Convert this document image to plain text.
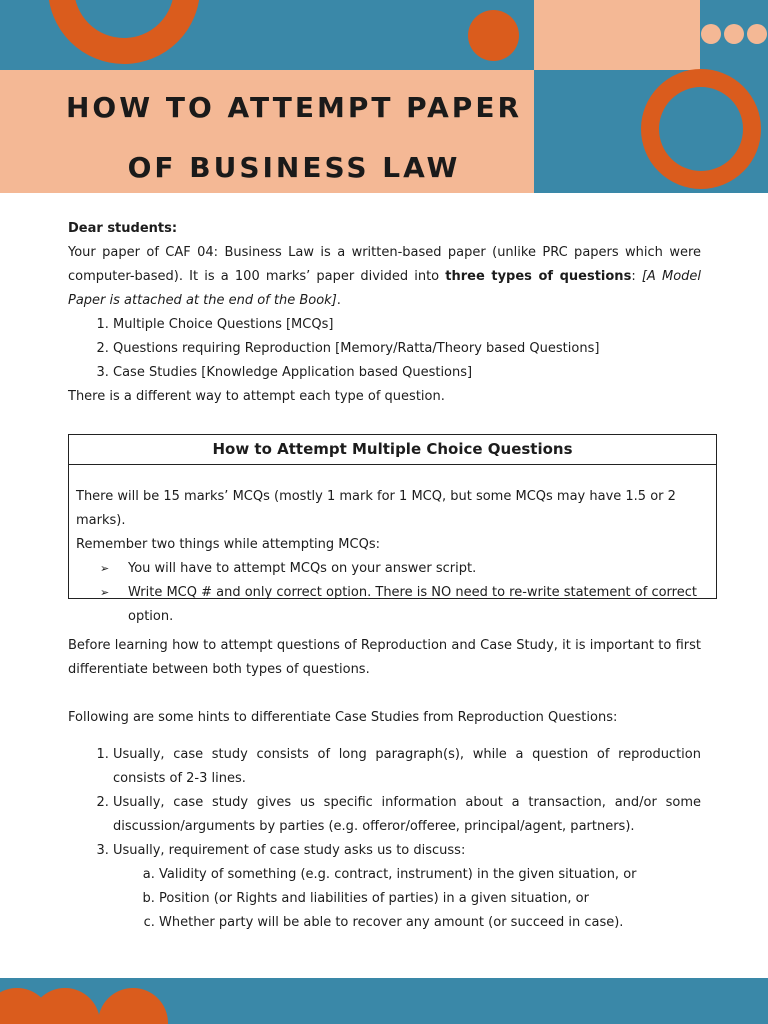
HOW TO ATTEMPT PAPER
OF BUSINESS LAW

Dear students:

Your paper of CAF 04: Business Law is a written-based paper (unlike PRC papers which were computer-based). It is a 100 marks’ paper divided into three types of questions: [A Model Paper is attached at the end of the Book].

1. Multiple Choice Questions [MCQs]
2. Questions requiring Reproduction [Memory/Ratta/Theory based Questions]
3. Case Studies [Knowledge Application based Questions]

There is a different way to attempt each type of question.

How to Attempt Multiple Choice Questions
There will be 15 marks’ MCQs (mostly 1 mark for 1 MCQ, but some MCQs may have 1.5 or 2 marks).
Remember two things while attempting MCQs:
➢ You will have to attempt MCQs on your answer script.
➢ Write MCQ # and only correct option. There is NO need to re-write statement of correct option.

Before learning how to attempt questions of Reproduction and Case Study, it is important to first differentiate between both types of questions.

Following are some hints to differentiate Case Studies from Reproduction Questions:

1. Usually, case study consists of long paragraph(s), while a question of reproduction consists of 2-3 lines.
2. Usually, case study gives us specific information about a transaction, and/or some discussion/arguments by parties (e.g. offeror/offeree, principal/agent, partners).
3. Usually, requirement of case study asks us to discuss:
a. Validity of something (e.g. contract, instrument) in the given situation, or
b. Position (or Rights and liabilities of parties) in a given situation, or
c. Whether party will be able to recover any amount (or succeed in case).
